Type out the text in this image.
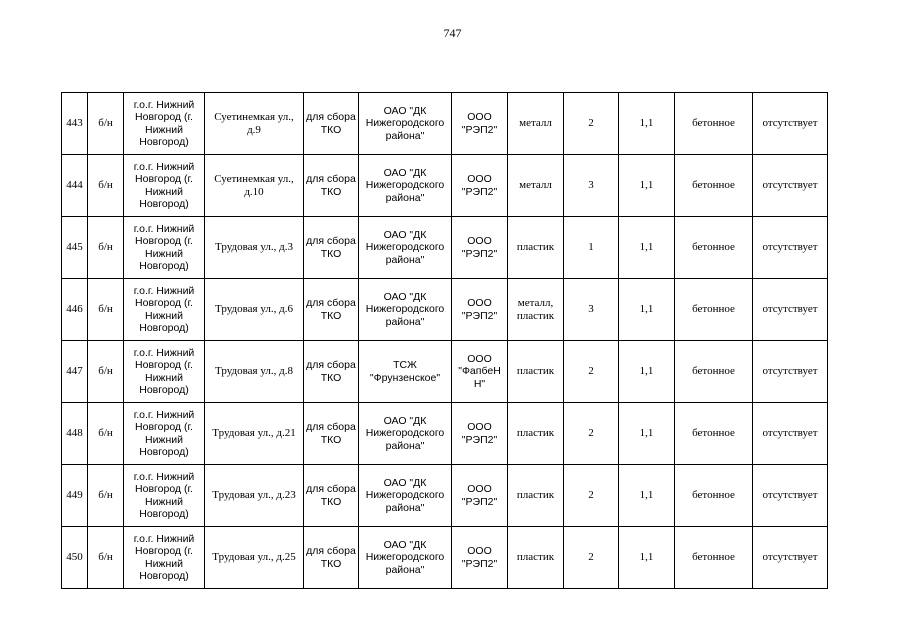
747
443	б/н	г.о.г. Нижний Новгород (г. Нижний Новгород)	Суетинемкая ул., д.9	для сбора ТКО	ОАО "ДК Нижегородского района"	ООО "РЭП2"	металл	2	1,1	бетонное	отсутствует
444	б/н	г.о.г. Нижний Новгород (г. Нижний Новгород)	Суетинемкая ул., д.10	для сбора ТКО	ОАО "ДК Нижегородского района"	ООО "РЭП2"	металл	3	1,1	бетонное	отсутствует
445	б/н	г.о.г. Нижний Новгород (г. Нижний Новгород)	Трудовая ул., д.3	для сбора ТКО	ОАО "ДК Нижегородского района"	ООО "РЭП2"	пластик	1	1,1	бетонное	отсутствует
446	б/н	г.о.г. Нижний Новгород (г. Нижний Новгород)	Трудовая ул., д.6	для сбора ТКО	ОАО "ДК Нижегородского района"	ООО "РЭП2"	металл, пластик	3	1,1	бетонное	отсутствует
447	б/н	г.о.г. Нижний Новгород (г. Нижний Новгород)	Трудовая ул., д.8	для сбора ТКО	ТСЖ "Фрунзенское"	ООО "ФапбеН Н"	пластик	2	1,1	бетонное	отсутствует
448	б/н	г.о.г. Нижний Новгород (г. Нижний Новгород)	Трудовая ул., д.21	для сбора ТКО	ОАО "ДК Нижегородского района"	ООО "РЭП2"	пластик	2	1,1	бетонное	отсутствует
449	б/н	г.о.г. Нижний Новгород (г. Нижний Новгород)	Трудовая ул., д.23	для сбора ТКО	ОАО "ДК Нижегородского района"	ООО "РЭП2"	пластик	2	1,1	бетонное	отсутствует
450	б/н	г.о.г. Нижний Новгород (г. Нижний Новгород)	Трудовая ул., д.25	для сбора ТКО	ОАО "ДК Нижегородского района"	ООО "РЭП2"	пластик	2	1,1	бетонное	отсутствует
